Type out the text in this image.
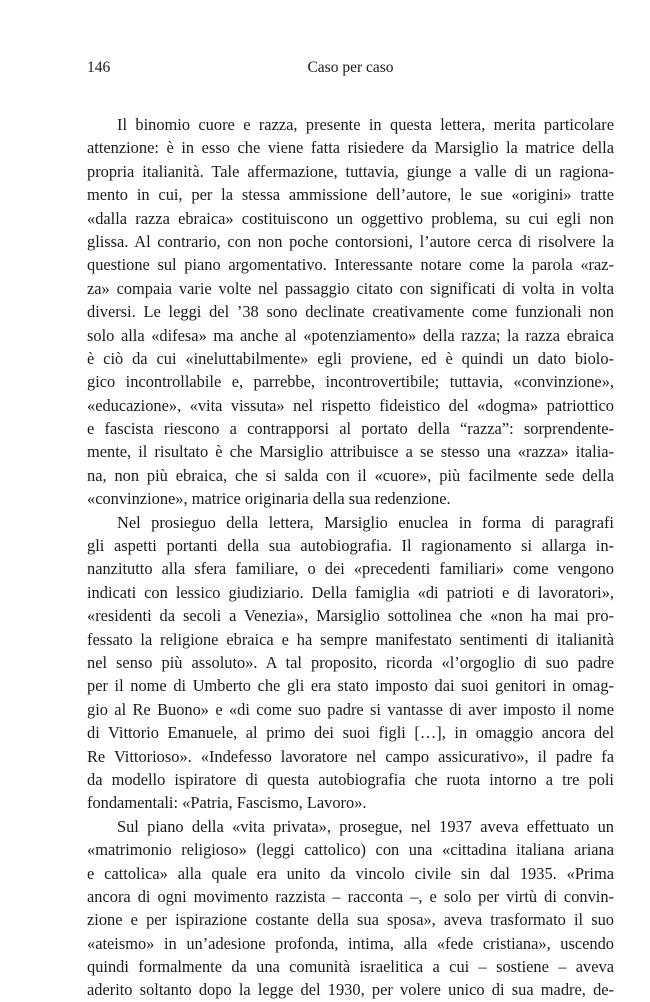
146	Caso per caso
Il binomio cuore e razza, presente in questa lettera, merita particolare
attenzione: è in esso che viene fatta risiedere da Marsiglio la matrice della
propria italianità. Tale affermazione, tuttavia, giunge a valle di un ragiona-
mento in cui, per la stessa ammissione dell’autore, le sue «origini» tratte
«dalla razza ebraica» costituiscono un oggettivo problema, su cui egli non
glissa. Al contrario, con non poche contorsioni, l’autore cerca di risolvere la
questione sul piano argomentativo. Interessante notare come la parola «raz-
za» compaia varie volte nel passaggio citato con significati di volta in volta
diversi. Le leggi del ’38 sono declinate creativamente come funzionali non
solo alla «difesa» ma anche al «potenziamento» della razza; la razza ebraica
è ciò da cui «ineluttabilmente» egli proviene, ed è quindi un dato biolo-
gico incontrollabile e, parrebbe, incontrovertibile; tuttavia, «convinzione»,
«educazione», «vita vissuta» nel rispetto fideistico del «dogma» patriottico
e fascista riescono a contrapporsi al portato della “razza”: sorprendente-
mente, il risultato è che Marsiglio attribuisce a se stesso una «razza» italia-
na, non più ebraica, che si salda con il «cuore», più facilmente sede della
«convinzione», matrice originaria della sua redenzione.
Nel prosieguo della lettera, Marsiglio enuclea in forma di paragrafi
gli aspetti portanti della sua autobiografia. Il ragionamento si allarga in-
nanzitutto alla sfera familiare, o dei «precedenti familiari» come vengono
indicati con lessico giudiziario. Della famiglia «di patrioti e di lavoratori»,
«residenti da secoli a Venezia», Marsiglio sottolinea che «non ha mai pro-
fessato la religione ebraica e ha sempre manifestato sentimenti di italianità
nel senso più assoluto». A tal proposito, ricorda «l’orgoglio di suo padre
per il nome di Umberto che gli era stato imposto dai suoi genitori in omag-
gio al Re Buono» e «di come suo padre si vantasse di aver imposto il nome
di Vittorio Emanuele, al primo dei suoi figli […], in omaggio ancora del
Re Vittorioso». «Indefesso lavoratore nel campo assicurativo», il padre fa
da modello ispiratore di questa autobiografia che ruota intorno a tre poli
fondamentali: «Patria, Fascismo, Lavoro».
Sul piano della «vita privata», prosegue, nel 1937 aveva effettuato un
«matrimonio religioso» (leggi cattolico) con una «cittadina italiana ariana
e cattolica» alla quale era unito da vincolo civile sin dal 1935. «Prima
ancora di ogni movimento razzista – racconta –, e solo per virtù di convin-
zione e per ispirazione costante della sua sposa», aveva trasformato il suo
«ateismo» in un’adesione profonda, intima, alla «fede cristiana», uscendo
quindi formalmente da una comunità israelitica a cui – sostiene – aveva
aderito soltanto dopo la legge del 1930, per volere unico di sua madre, de-
